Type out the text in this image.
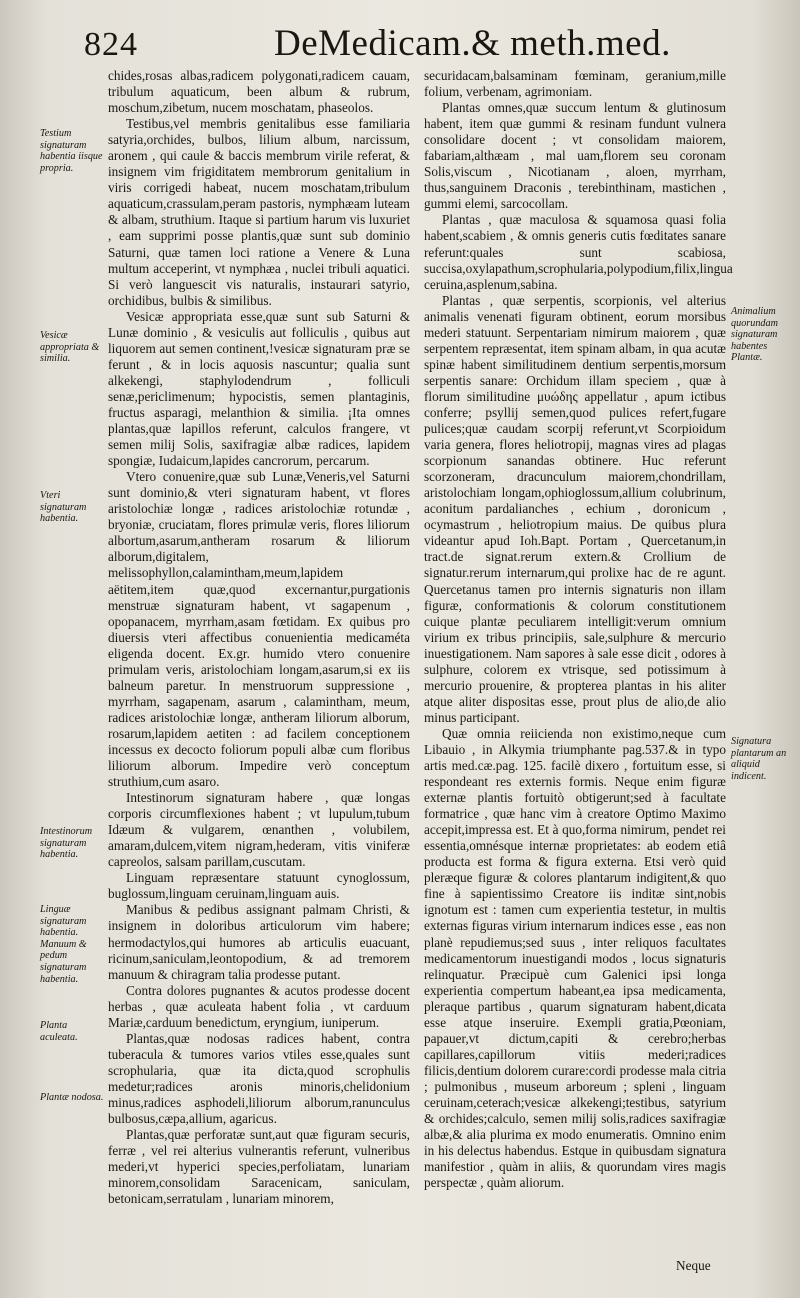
824	DeMedicam.& meth.med.

chides,rosas albas,radicem polygonati,radicem cauam, tribulum aquaticum, been album & rubrum, moschum,zibetum, nucem moschatam, phaseolos.

Testibus,vel membris genitalibus esse familiaria satyria,orchides, bulbos, lilium album, narcissum, aronem , qui caule & baccis membrum virile referat, & insignem vim frigiditatem membrorum genitalium in viris corrigedi habeat, nucem moschatam,tribulum aquaticum,crassulam,peram pastoris, nymphæam luteam & albam, struthium. Itaque si partium harum vis luxuriet , eam supprimi posse plantis,quæ sunt sub dominio Saturni, quæ tamen loci ratione a Venere & Luna multum acceperint, vt nymphæa , nuclei tribuli aquatici. Si verò languescit vis naturalis, instaurari satyrio, orchidibus, bulbis & similibus.

Vesicæ appropriata esse,quæ sunt sub Saturni & Lunæ dominio , & vesiculis aut folliculis , quibus aut liquorem aut semen continent,!vesicæ signaturam præ se ferunt , & in locis aquosis nascuntur; qualia sunt alkekengi, staphylodendrum , folliculi senæ,periclimenum; hypocistis, semen plantaginis, fructus asparagi, melanthion & similia. ¡Ita omnes plantas,quæ lapillos referunt, calculos frangere, vt semen milij Solis, saxifragiæ albæ radices, lapidem spongiæ, Iudaicum,lapides cancrorum, percarum.

Vtero conuenire,quæ sub Lunæ,Veneris,vel Saturni sunt dominio,& vteri signaturam habent, vt flores aristolochiæ longæ , radices aristolochiæ rotundæ , bryoniæ, cruciatam, flores primulæ veris, flores liliorum albortum,asarum,antheram rosarum & liliorum alborum,digitalem, melissophyllon,calamintham,meum,lapidem aëtitem,item quæ,quod excernantur,purgationis menstruæ signaturam habent, vt sagapenum , opopanacem, myrrham,asam fœtidam. Ex quibus pro diuersis vteri affectibus conuenientia medicaméta eligenda docent. Ex.gr. humido vtero conuenire primulam veris, aristolochiam longam,asarum,si ex iis balneum paretur. In menstruorum suppressione , myrrham, sagapenam, asarum , calamintham, meum, radices aristolochiæ longæ, antheram liliorum alborum, rosarum,lapidem aetiten : ad facilem conceptionem incessus ex decocto foliorum populi albæ cum floribus liliorum alborum. Impedire verò conceptum struthium,cum asaro.

Intestinorum signaturam habere , quæ longas corporis circumflexiones habent ; vt lupulum,tubum Idæum & vulgarem, œnanthen , volubilem, amaram,dulcem,vitem nigram,hederam, vitis viniferæ capreolos, salsam parillam,cuscutam.

Linguam repræsentare statuunt cynoglossum, buglossum,linguam ceruinam,linguam auis.

Manibus & pedibus assignant palmam Christi, & insignem in doloribus articulorum vim habere; hermodactylos,qui humores ab articulis euacuant, ricinum,saniculam,leontopodium, & ad tremorem manuum & chiragram talia prodesse putant.

Contra dolores pugnantes & acutos prodesse docent herbas , quæ aculeata habent folia , vt carduum Mariæ,carduum benedictum, eryngium, iuniperum.

Plantas,quæ nodosas radices habent, contra tuberacula & tumores varios vtiles esse,quales sunt scrophularia, quæ ita dicta,quod scrophulis medetur;radices aronis minoris,chelidonium minus,radices asphodeli,liliorum alborum,ranunculus bulbosus,cæpa,allium, agaricus.

Plantas,quæ perforatæ sunt,aut quæ figuram securis, ferræ , vel rei alterius vulnerantis referunt, vulneribus mederi,vt hyperici species,perfoliatam, lunariam minorem,consolidam Saracenicam, saniculam, betonicam,serratulam , lunariam minorem,

securidacam,balsaminam fœminam, geranium,mille folium, verbenam, agrimoniam.

Plantas omnes,quæ succum lentum & glutinosum habent, item quæ gummi & resinam fundunt vulnera consolidare docent ; vt consolidam maiorem, fabariam,althæam , mal uam,florem seu coronam Solis,viscum , Nicotianam , aloen, myrrham, thus,sanguinem Draconis , terebinthinam, mastichen , gummi elemi, sarcocollam.

Plantas , quæ maculosa & squamosa quasi folia habent,scabiem , & omnis generis cutis fœditates sanare referunt:quales sunt scabiosa, succisa,oxylapathum,scrophularia,polypodium,filix,lingua ceruina,asplenum,sabina.

Plantas , quæ serpentis, scorpionis, vel alterius animalis venenati figuram obtinent, eorum morsibus mederi statuunt. Serpentariam nimirum maiorem , quæ serpentem repræsentat, item spinam albam, in qua acutæ spinæ habent similitudinem dentium serpentis,morsum serpentis sanare: Orchidum illam speciem , quæ à florum similitudine μυώδης appellatur , apum ictibus conferre; psyllij semen,quod pulices refert,fugare pulices;quæ caudam scorpij referunt,vt Scorpioidum varia genera, flores heliotropij, magnas vires ad plagas scorpionum sanandas obtinere. Huc referunt scorzoneram, dracunculum maiorem,chondrillam, aristolochiam longam,ophioglossum,allium colubrinum, aconitum pardalianches , echium , doronicum , ocymastrum , heliotropium maius. De quibus plura videantur apud Ioh.Bapt. Portam , Quercetanum,in tract.de signat.rerum extern.& Crollium de signatur.rerum internarum,qui prolixe hac de re agunt. Quercetanus tamen pro internis signaturis non illam figuræ, conformationis & colorum constitutionem cuique plantæ peculiarem intelligit:verum omnium virium ex tribus principiis, sale,sulphure & mercurio inuestigationem. Nam sapores à sale esse dicit , odores à sulphure, colorem ex vtrisque, sed potissimum à mercurio prouenire, & propterea plantas in his aliter atque aliter dispositas esse, prout plus de alio,de alio minus participant.

Quæ omnia reiicienda non existimo,neque cum Libauio , in Alkymia triumphante pag.537.& in typo artis med.cæ.pag. 125. facilè dixero , fortuitum esse, si respondeant res externis formis. Neque enim figuræ externæ plantis fortuitò obtigerunt;sed à facultate formatrice , quæ hanc vim à creatore Optimo Maximo accepit,impressa est. Et à quo,forma nimirum, pendet rei essentia,omnésque internæ proprietates: ab eodem etiâ producta est forma & figura externa. Etsi verò quid pleræque figuræ & colores plantarum indigitent,& quo fine à sapientissimo Creatore iis inditæ sint,nobis ignotum est : tamen cum experientia testetur, in multis externas figuras virium internarum indices esse , eas non planè repudiemus;sed suus , inter reliquos facultates medicamentorum inuestigandi modos , locus signaturis relinquatur. Præcipuè cum Galenici ipsi longa experientia compertum habeant,ea ipsa medicamenta, pleraque partibus , quarum signaturam habent,dicata esse atque inseruire. Exempli gratia,Pœoniam, papauer,vt dictum,capiti & cerebro;herbas capillares,capillorum vitiis mederi;radices filicis,dentium dolorem curare:cordi prodesse mala citria ; pulmonibus , museum arboreum ; spleni , linguam ceruinam,ceterach;vesicæ alkekengi;testibus, satyrium & orchides;calculo, semen milij solis,radices saxifragiæ albæ,& alia plurima ex modo enumeratis. Omnino enim in his delectus habendus. Estque in quibusdam signatura manifestior , quàm in aliis, & quorundam vires magis perspectæ , quàm aliorum.

Testium signaturam habentia iisque propria.
Vesicæ appropriata & similia.
Vteri signaturam habentia.
Intestinorum signaturam habentia.
Linguæ signaturam habentia. Manuum & pedum signaturam habentia.
Planta aculeata.
Plantæ nodosa.
Animalium quorundam signaturam habentes Plantæ.
Signatura plantarum an aliquid indicent.
Neque
